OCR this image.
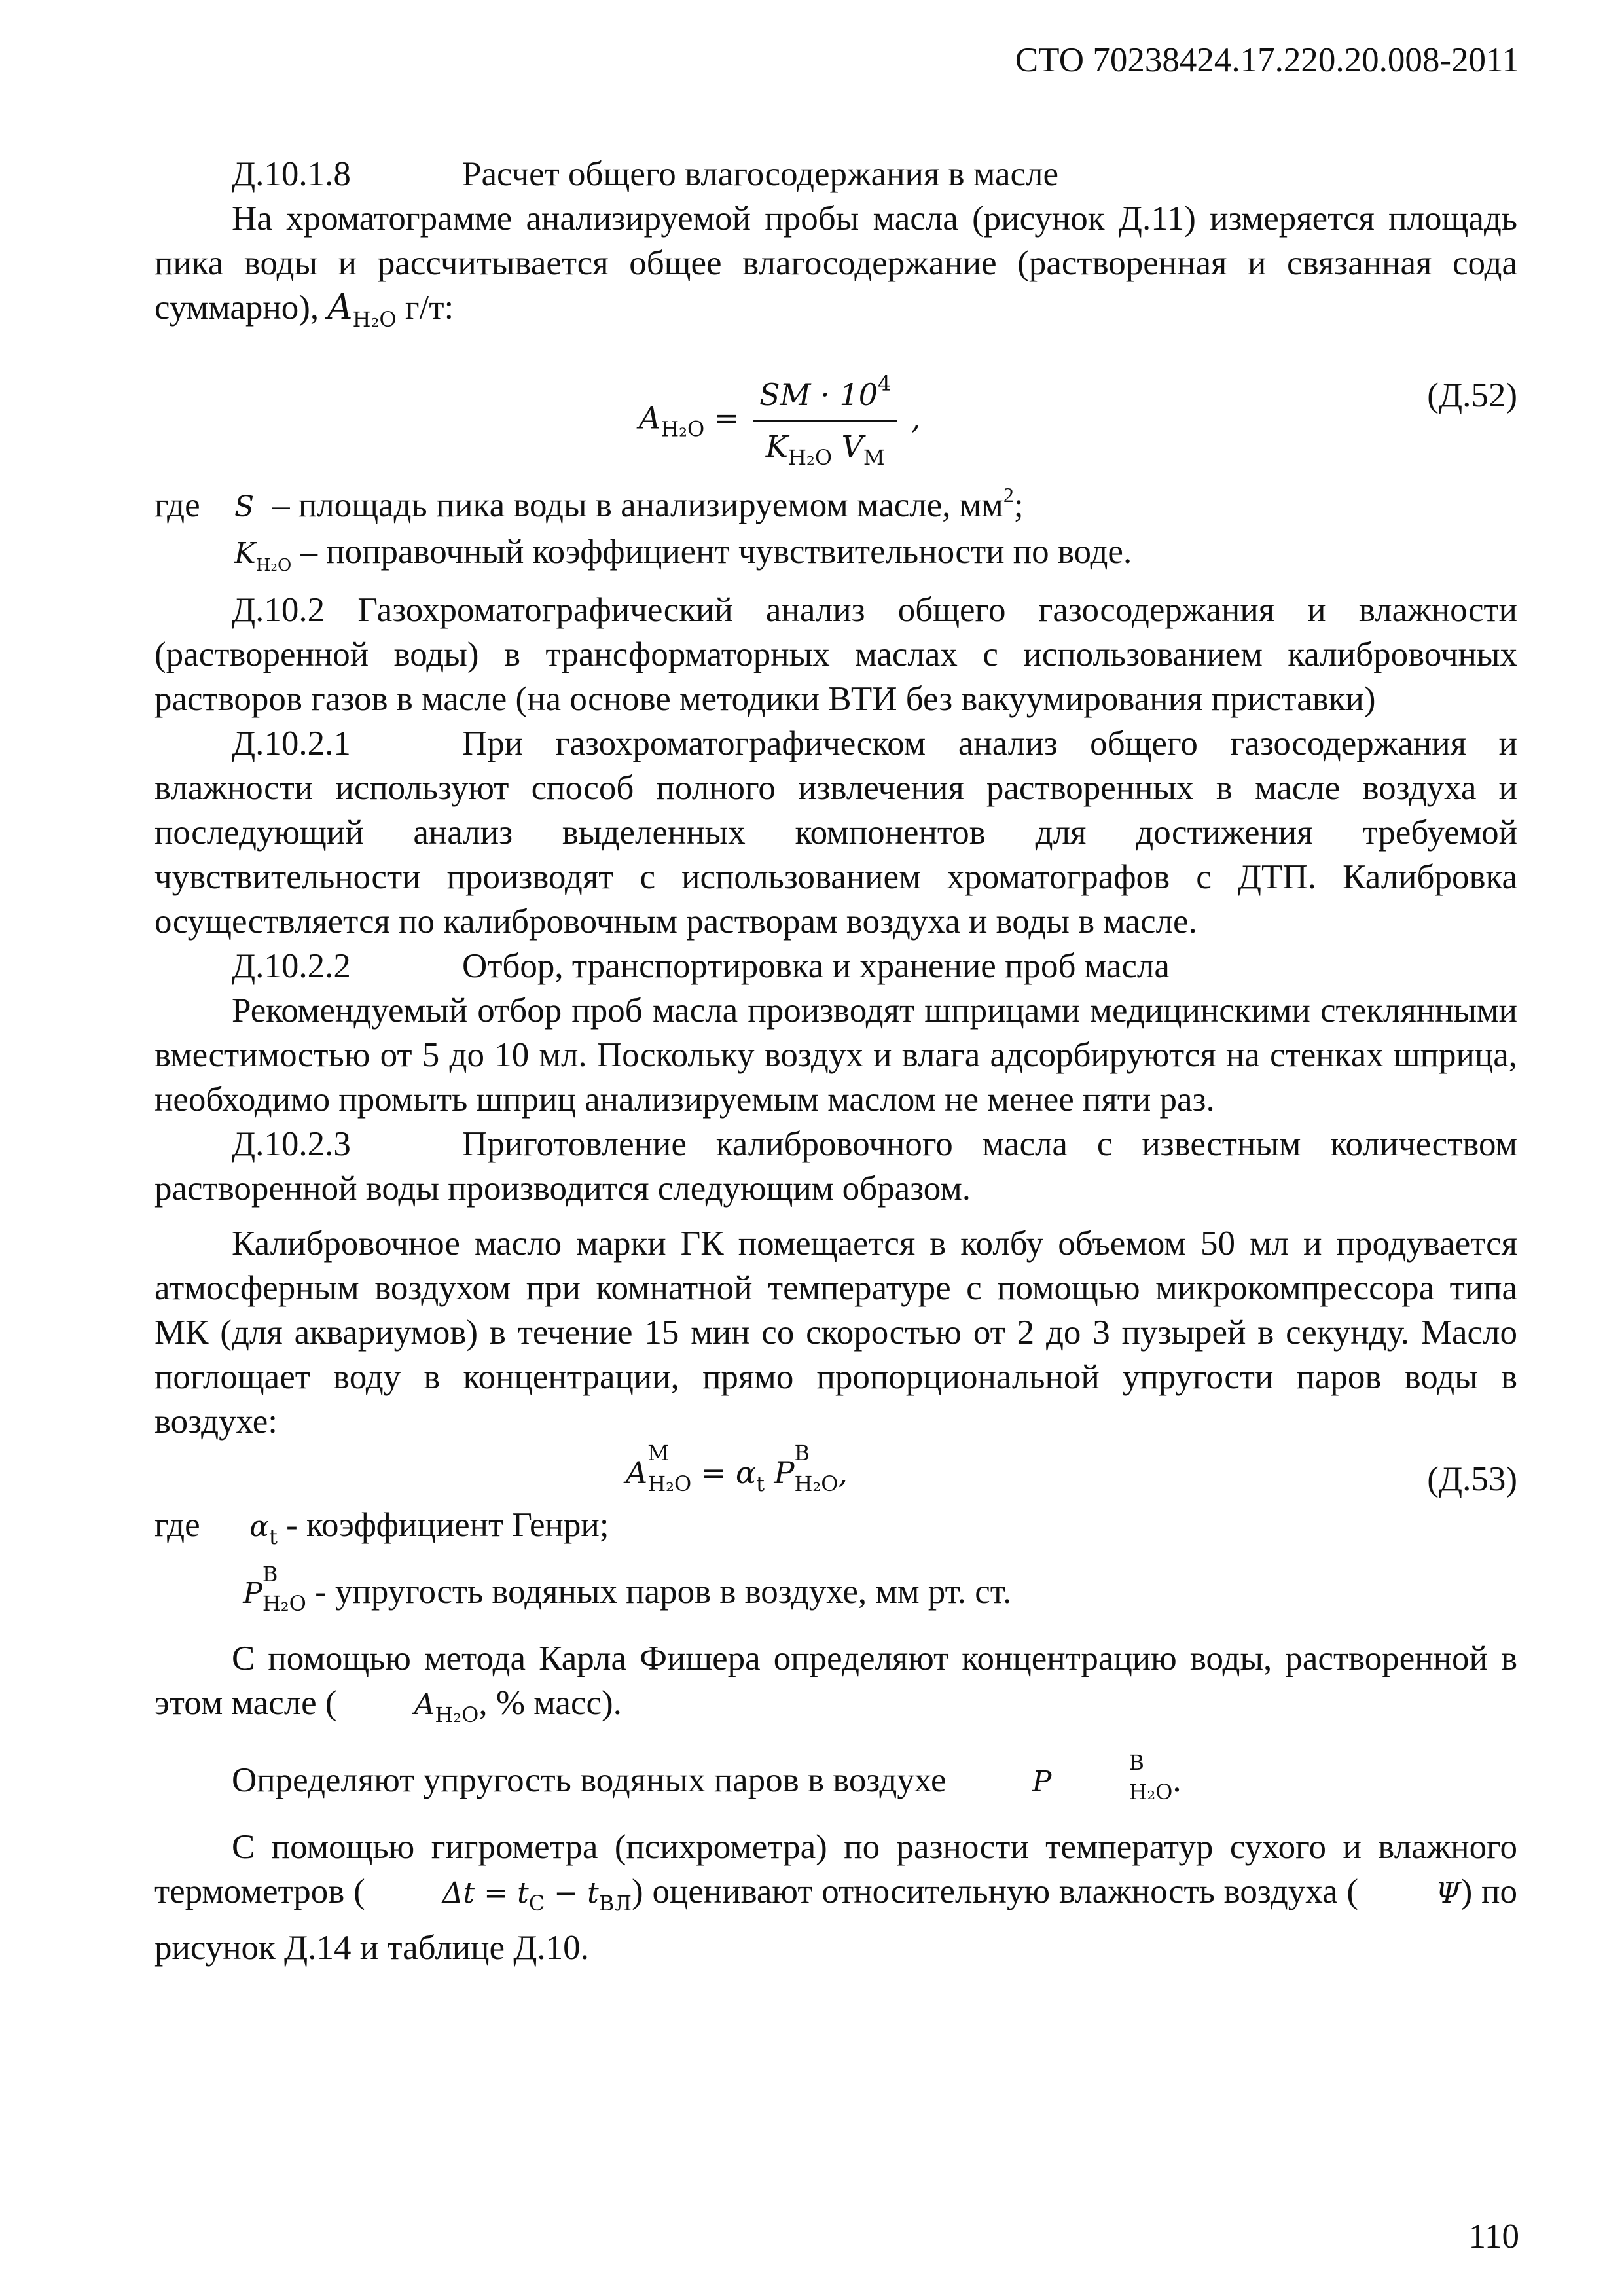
СТО 70238424.17.220.20.008-2011

Д.10.1.8	Расчет общего влагосодержания в масле

На хроматограмме анализируемой пробы масла (рисунок Д.11) измеряется площадь пика воды и рассчитывается общее влагосодержание (растворенная и связанная сода суммарно), $A_{H_2O}$ г/т:

$A_{H_2O} = \frac{SM \cdot 10^4}{K_{H_2O} V_M}$ ,
(Д.52)
где S – площадь пика воды в анализируемом масле, $мм^2$;
$K_{H_2O}$ – поправочный коэффициент чувствительности по воде.

Д.10.2 Газохроматографический анализ общего газосодержания и влажности (растворенной воды) в трансформаторных маслах с использованием калибровочных растворов газов в масле (на основе методики ВТИ без вакуумирования приставки)

Д.10.2.1	При газохроматографическом анализ общего газосодержания и влажности используют способ полного извлечения растворенных в масле воздуха и последующий анализ выделенных компонентов для достижения требуемой чувствительности производят с использованием хроматографов с ДТП. Калибровка осуществляется по калибровочным растворам воздуха и воды в масле.

Д.10.2.2	Отбор, транспортировка и хранение проб масла

Рекомендуемый отбор проб масла производят шприцами медицинскими стеклянными вместимостью от 5 до 10 мл. Поскольку воздух и влага адсорбируются на стенках шприца, необходимо промыть шприц анализируемым маслом не менее пяти раз.

Д.10.2.3	Приготовление калибровочного масла с известным количеством растворенной воды производится следующим образом.

Калибровочное масло марки ГК помещается в колбу объемом 50 мл и продувается атмосферным воздухом при комнатной температуре с помощью микрокомпрессора типа МК (для аквариумов) в течение 15 мин со скоростью от 2 до 3 пузырей в секунду. Масло поглощает воду в концентрации, прямо пропорциональной упругости паров воды в воздухе:

A
M
$_{H_2O} = \alpha_t$ P
B
$_{H_2O}$,	(Д.53)
где $\alpha_t$ - коэффициент Генри;
P
B
$_{H_2O}$ - упругость водяных паров в воздухе, мм рт. ст.

С помощью метода Карла Фишера определяют концентрацию воды, растворенной в этом масле (	$A_{H_2O}$, % масс).

Определяют упругость водяных паров в воздухе	P
B
$_{H_2O}$.

С помощью гигрометра (психрометра) по разности температур сухого и влажного термометров (	$\Delta t = t_C - t_{ВЛ}$) оценивают относительную влажность воздуха (	Ψ) по рисунок Д.14 и таблице Д.10.

110
